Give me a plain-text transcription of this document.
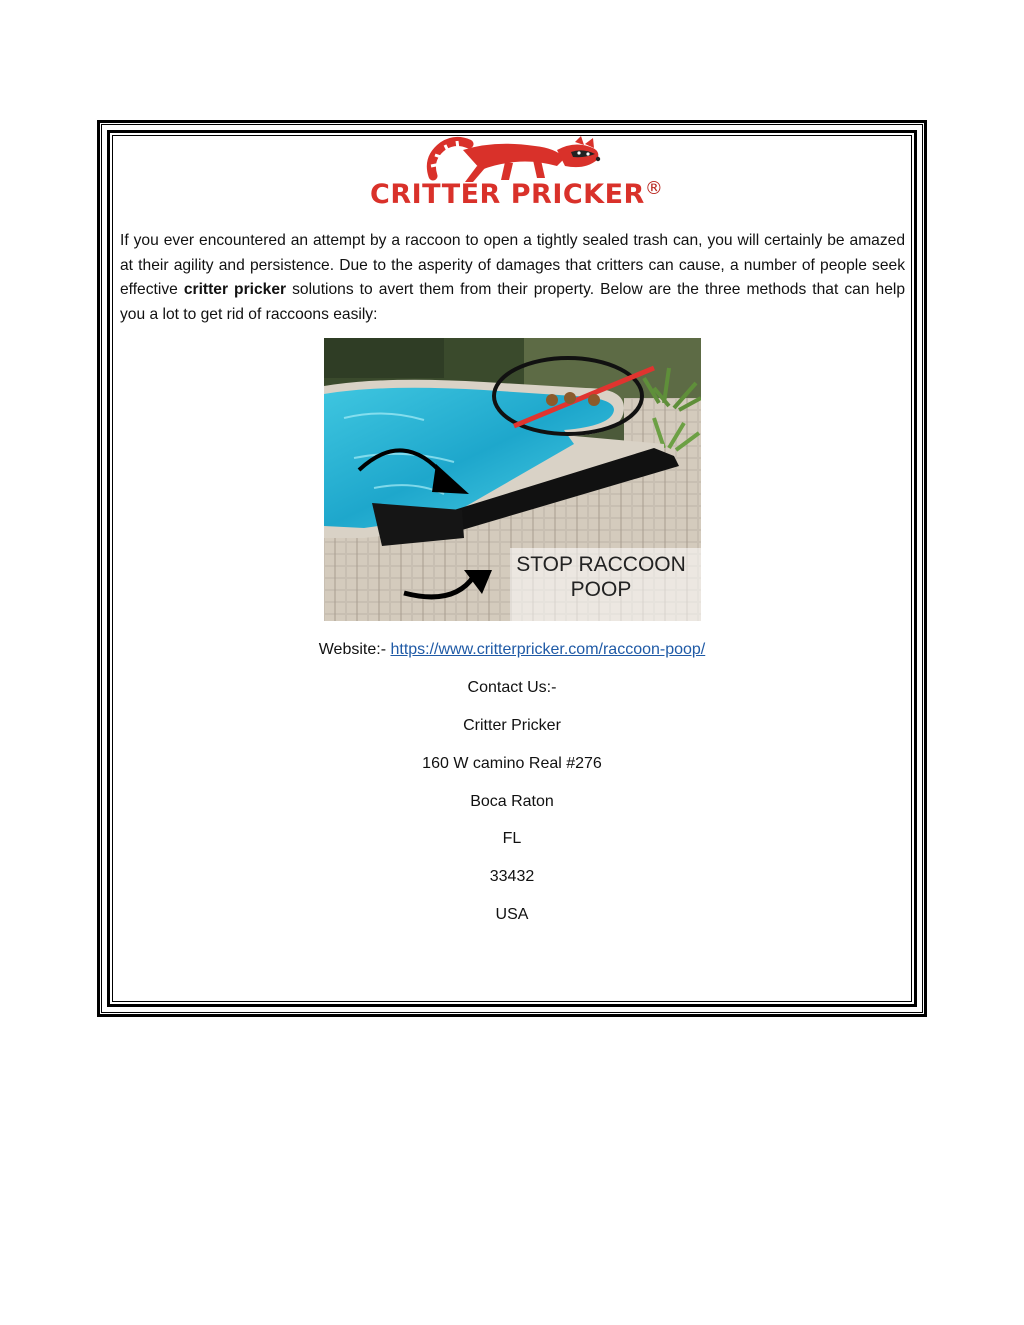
CRITTER PRICKER®

If you ever encountered an attempt by a raccoon to open a tightly sealed trash can, you will certainly be amazed at their agility and persistence. Due to the asperity of damages that critters can cause, a number of people seek effective critter pricker solutions to avert them from their property. Below are the three methods that can help you a lot to get rid of raccoons easily:

STOP RACCOON
POOP
Website:- https://www.critterpricker.com/raccoon-poop/
Contact Us:-
Critter Pricker
160 W camino Real #276
Boca Raton
FL
33432
USA
